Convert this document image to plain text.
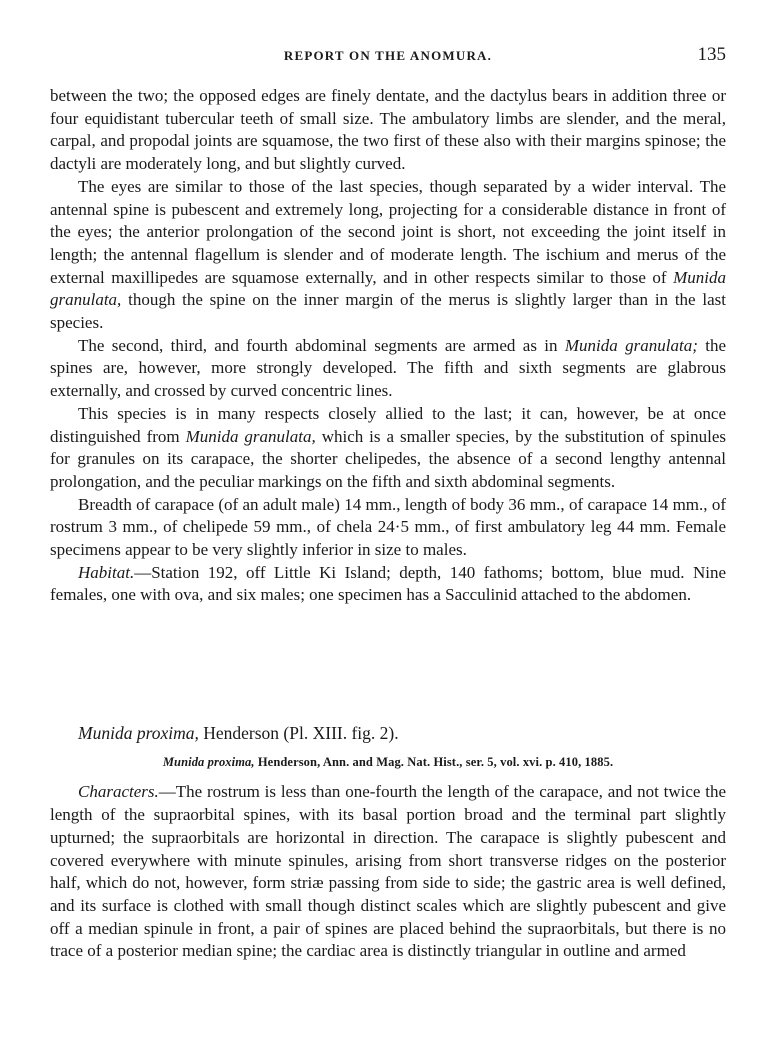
REPORT ON THE ANOMURA.	135

between the two; the opposed edges are finely dentate, and the dactylus bears in addition three or four equidistant tubercular teeth of small size. The ambulatory limbs are slender, and the meral, carpal, and propodal joints are squamose, the two first of these also with their margins spinose; the dactyli are moderately long, and but slightly curved.

The eyes are similar to those of the last species, though separated by a wider interval. The antennal spine is pubescent and extremely long, projecting for a considerable distance in front of the eyes; the anterior prolongation of the second joint is short, not exceeding the joint itself in length; the antennal flagellum is slender and of moderate length. The ischium and merus of the external maxillipedes are squamose externally, and in other respects similar to those of Munida granulata, though the spine on the inner margin of the merus is slightly larger than in the last species.

The second, third, and fourth abdominal segments are armed as in Munida granulata; the spines are, however, more strongly developed. The fifth and sixth segments are glabrous externally, and crossed by curved concentric lines.

This species is in many respects closely allied to the last; it can, however, be at once distinguished from Munida granulata, which is a smaller species, by the substitution of spinules for granules on its carapace, the shorter chelipedes, the absence of a second lengthy antennal prolongation, and the peculiar markings on the fifth and sixth abdominal segments.

Breadth of carapace (of an adult male) 14 mm., length of body 36 mm., of carapace 14 mm., of rostrum 3 mm., of chelipede 59 mm., of chela 24·5 mm., of first ambulatory leg 44 mm. Female specimens appear to be very slightly inferior in size to males.

Habitat.—Station 192, off Little Ki Island; depth, 140 fathoms; bottom, blue mud. Nine females, one with ova, and six males; one specimen has a Sacculinid attached to the abdomen.

Munida proxima, Henderson (Pl. XIII. fig. 2).

Munida proxima, Henderson, Ann. and Mag. Nat. Hist., ser. 5, vol. xvi. p. 410, 1885.

Characters.—The rostrum is less than one-fourth the length of the carapace, and not twice the length of the supraorbital spines, with its basal portion broad and the terminal part slightly upturned; the supraorbitals are horizontal in direction. The carapace is slightly pubescent and covered everywhere with minute spinules, arising from short transverse ridges on the posterior half, which do not, however, form striæ passing from side to side; the gastric area is well defined, and its surface is clothed with small though distinct scales which are slightly pubescent and give off a median spinule in front, a pair of spines are placed behind the supraorbitals, but there is no trace of a posterior median spine; the cardiac area is distinctly triangular in outline and armed
